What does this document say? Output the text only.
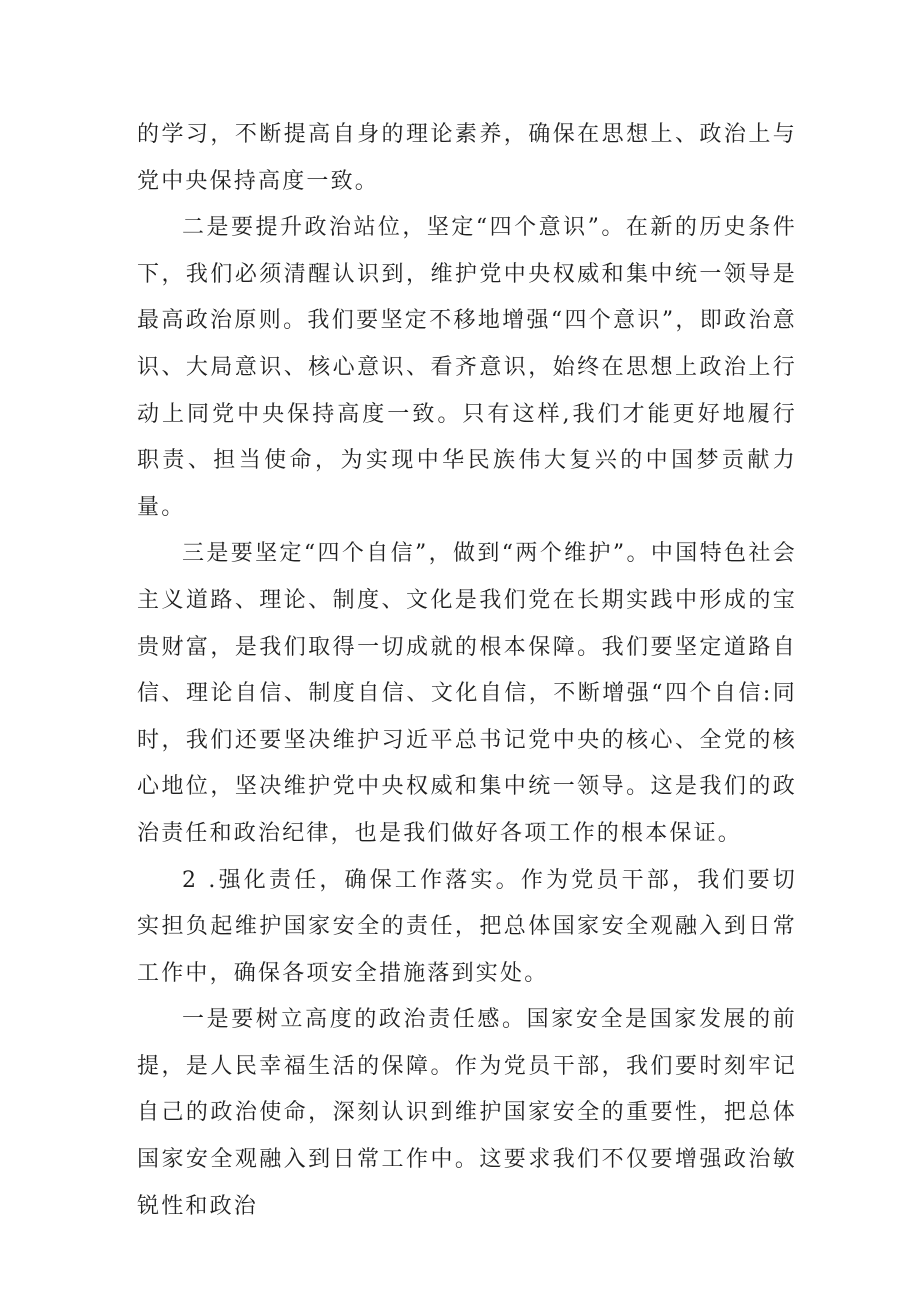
的学习，不断提高自身的理论素养，确保在思想上、政治上与党中央保持高度一致。

二是要提升政治站位，坚定“四个意识”。在新的历史条件下，我们必须清醒认识到，维护党中央权威和集中统一领导是最高政治原则。我们要坚定不移地增强“四个意识”，即政治意识、大局意识、核心意识、看齐意识，始终在思想上政治上行动上同党中央保持高度一致。只有这样,我们才能更好地履行职责、担当使命，为实现中华民族伟大复兴的中国梦贡献力量。

三是要坚定“四个自信”，做到“两个维护”。中国特色社会主义道路、理论、制度、文化是我们党在长期实践中形成的宝贵财富，是我们取得一切成就的根本保障。我们要坚定道路自信、理论自信、制度自信、文化自信，不断增强“四个自信:同时，我们还要坚决维护习近平总书记党中央的核心、全党的核心地位，坚决维护党中央权威和集中统一领导。这是我们的政治责任和政治纪律，也是我们做好各项工作的根本保证。

2 .强化责任，确保工作落实。作为党员干部，我们要切实担负起维护国家安全的责任，把总体国家安全观融入到日常工作中，确保各项安全措施落到实处。

一是要树立高度的政治责任感。国家安全是国家发展的前提，是人民幸福生活的保障。作为党员干部，我们要时刻牢记自己的政治使命，深刻认识到维护国家安全的重要性，把总体国家安全观融入到日常工作中。这要求我们不仅要增强政治敏锐性和政治
